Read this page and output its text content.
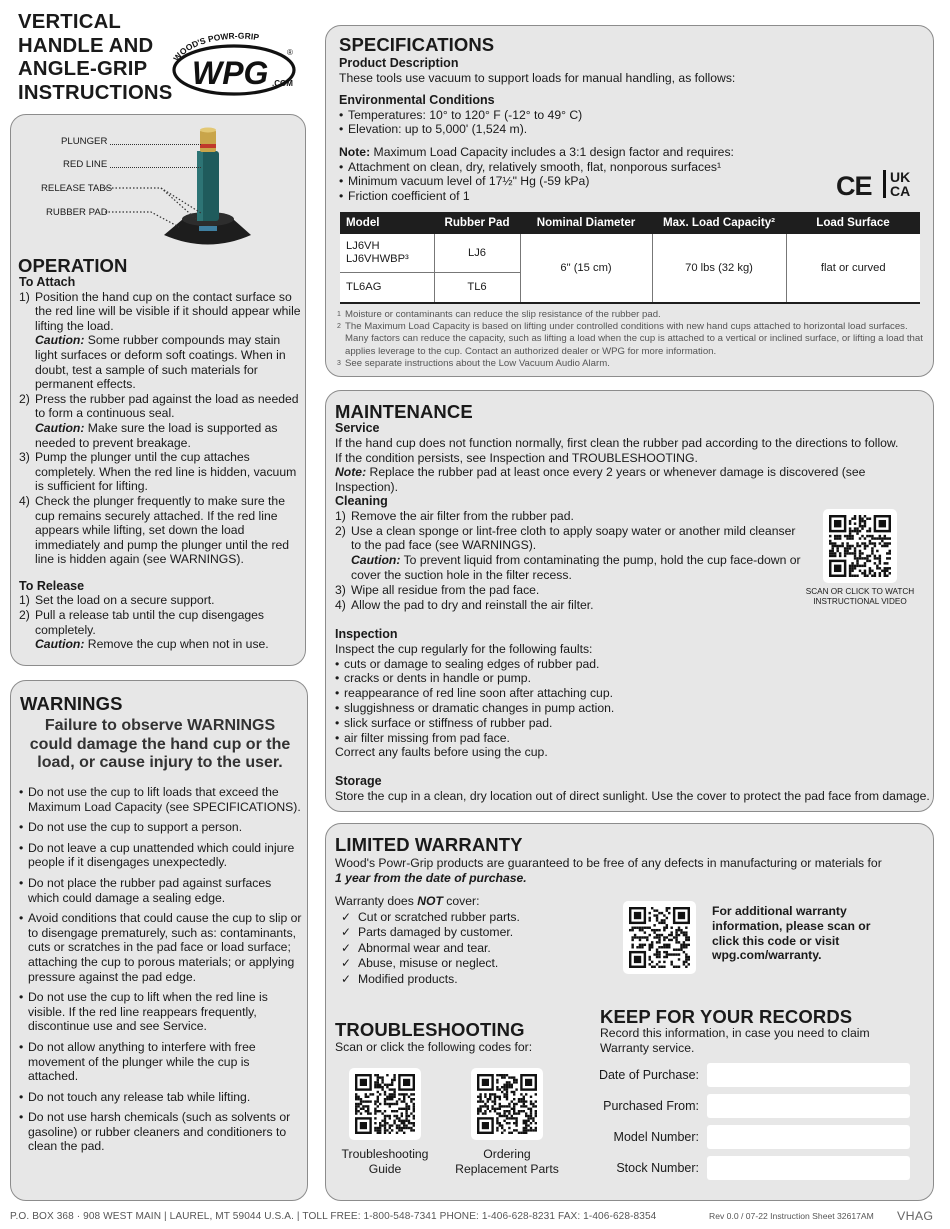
VERTICAL HANDLE AND ANGLE-GRIP INSTRUCTIONS
WOOD'S POWR-GRIP
WPG .COM
®
PLUNGER
RED LINE
RELEASE TABS
RUBBER PAD
OPERATION
To Attach
1) Position the hand cup on the contact surface so the red line will be visible if it should appear while lifting the load.
Caution: Some rubber compounds may stain light surfaces or deform soft coatings. When in doubt, test a sample of such materials for permanent effects.
2) Press the rubber pad against the load as needed to form a continuous seal.
Caution: Make sure the load is supported as needed to prevent breakage.
3) Pump the plunger until the cup attaches completely. When the red line is hidden, vacuum is sufficient for lifting.
4) Check the plunger frequently to make sure the cup remains securely attached. If the red line appears while lifting, set down the load immediately and pump the plunger until the red line is hidden again (see WARNINGS).
To Release
1) Set the load on a secure support.
2) Pull a release tab until the cup disengages completely.
Caution: Remove the cup when not in use.
WARNINGS
Failure to observe WARNINGS could damage the hand cup or the load, or cause injury to the user.
• Do not use the cup to lift loads that exceed the Maximum Load Capacity (see SPECIFICATIONS).
• Do not use the cup to support a person.
• Do not leave a cup unattended which could injure people if it disengages unexpectedly.
• Do not place the rubber pad against surfaces which could damage a sealing edge.
• Avoid conditions that could cause the cup to slip or to disengage prematurely, such as: contaminants, cuts or scratches in the pad face or load surface; attaching the cup to porous materials; or applying pressure against the pad edge.
• Do not use the cup to lift when the red line is visible. If the red line reappears frequently, discontinue use and see Service.
• Do not allow anything to interfere with free movement of the plunger while the cup is attached.
• Do not touch any release tab while lifting.
• Do not use harsh chemicals (such as solvents or gasoline) or rubber cleaners and conditioners to clean the pad.
SPECIFICATIONS
Product Description
These tools use vacuum to support loads for manual handling, as follows:
Environmental Conditions
• Temperatures: 10° to 120° F (-12° to 49° C)
• Elevation: up to 5,000' (1,524 m).
Note: Maximum Load Capacity includes a 3:1 design factor and requires:
• Attachment on clean, dry, relatively smooth, flat, nonporous surfaces¹
• Minimum vacuum level of 17½" Hg (-59 kPa)
• Friction coefficient of 1	CE UK
CA
Model	Rubber Pad	Nominal Diameter	Max. Load Capacity²	Load Surface

LJ6VH
LJ6VHWBP³	LJ6	6" (15 cm)	70 lbs (32 kg)	flat or curved
TL6AG	TL6			
1 Moisture or contaminants can reduce the slip resistance of the rubber pad.
2 The Maximum Load Capacity is based on lifting under controlled conditions with new hand cups attached to horizontal load surfaces. Many factors can reduce the capacity, such as lifting a load when the cup is attached to a vertical or inclined surface, or lifting a load that applies leverage to the cup. Contact an authorized dealer or WPG for more information.
3 See separate instructions about the Low Vacuum Audio Alarm.
MAINTENANCE
Service
If the hand cup does not function normally, first clean the rubber pad according to the directions to follow.
If the condition persists, see Inspection and TROUBLESHOOTING.
Note: Replace the rubber pad at least once every 2 years or whenever damage is discovered (see Inspection).
Cleaning
1) Remove the air filter from the rubber pad.
2) Use a clean sponge or lint-free cloth to apply soapy water or another mild cleanser to the pad face (see WARNINGS).
Caution: To prevent liquid from contaminating the pump, hold the cup face-down or cover the suction hole in the filter recess.
3) Wipe all residue from the pad face.
4) Allow the pad to dry and reinstall the air filter.
SCAN OR CLICK TO WATCH INSTRUCTIONAL VIDEO
Inspection
Inspect the cup regularly for the following faults:
• cuts or damage to sealing edges of rubber pad.
• cracks or dents in handle or pump.
• reappearance of red line soon after attaching cup.
• sluggishness or dramatic changes in pump action.
• slick surface or stiffness of rubber pad.
• air filter missing from pad face.
Correct any faults before using the cup.
Storage
Store the cup in a clean, dry location out of direct sunlight. Use the cover to protect the pad face from damage.
LIMITED WARRANTY
Wood's Powr-Grip products are guaranteed to be free of any defects in manufacturing or materials for
1 year from the date of purchase.
Warranty does NOT cover:
✓ Cut or scratched rubber parts.
✓ Parts damaged by customer.
✓ Abnormal wear and tear.
✓ Abuse, misuse or neglect.
✓ Modified products.
For additional warranty information, please scan or click this code or visit wpg.com/warranty.
TROUBLESHOOTING
Scan or click the following codes for:
Troubleshooting Guide
Ordering Replacement Parts
KEEP FOR YOUR RECORDS
Record this information, in case you need to claim Warranty service.
Date of Purchase:
Purchased From:
Model Number:
Stock Number:
P.O. BOX 368 · 908 WEST MAIN | LAUREL, MT 59044 U.S.A. | TOLL FREE: 1-800-548-7341 PHONE: 1-406-628-8231 FAX: 1-406-628-8354	Rev 0.0 / 07-22 Instruction Sheet 32617AM VHAG
